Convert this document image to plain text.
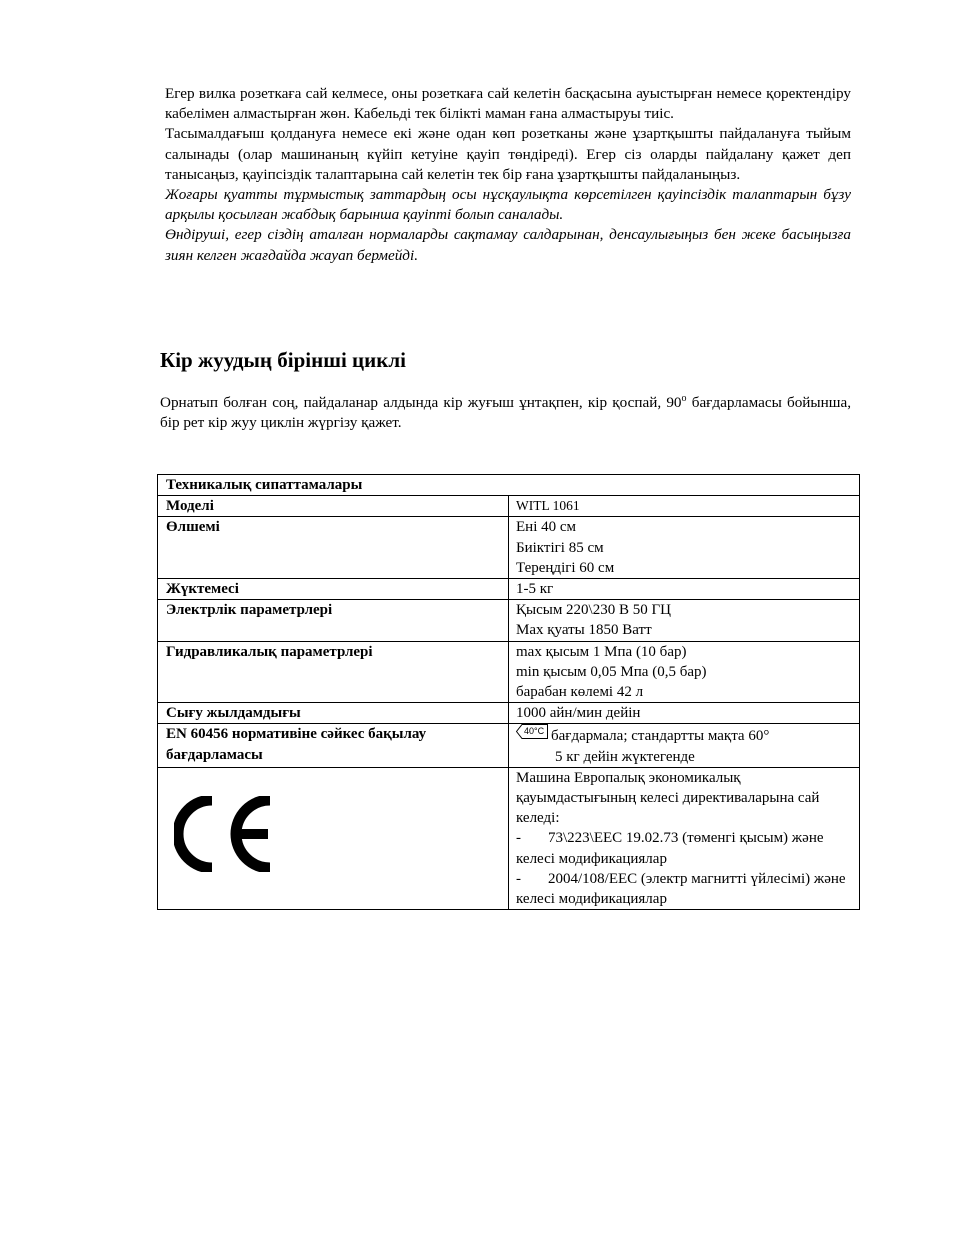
Егер вилка розеткаға сай келмесе, оны розеткаға сай келетін басқасына ауыстырған немесе қоректендіру кабелімен алмастырған жөн. Кабельді тек білікті маман ғана алмастыруы тиіс.

Тасымалдағыш қолдануға немесе екі және одан көп розетканы және ұзартқышты пайдалануға тыйым салынады (олар машинаның күйіп кетуіне қауіп төндіреді). Егер сіз оларды пайдалану қажет деп танысаңыз, қауіпсіздік талаптарына сай келетін тек бір ғана ұзартқышты пайдаланыңыз.

Жоғары қуатты тұрмыстық заттардың осы нұсқаулықта көрсетілген қауіпсіздік талаптарын бұзу арқылы қосылған жабдық барынша қауіпті болып саналады.

Өндіруші, егер сіздің аталған нормаларды сақтамау салдарынан, денсаулығыңыз бен жеке басыңызға зиян келген жағдайда жауап бермейді.

Кір жуудың бірінші циклі

Орнатып болған соң, пайдаланар алдында кір жуғыш ұнтақпен, кір қоспай, $90^о$ бағдарламасы бойынша, бір рет кір жуу циклін жүргізу қажет.

Техникалық сипаттамалары	
Моделі	WITL 1061
Өлшемі	Ені 40 см
Биіктігі 85 см
Тереңдігі 60 см

Жүктемесі	1-5 кг
Электрлік параметрлері	Қысым 220\230 В 50 ГЦ
Max қуаты 1850 Ватт

Гидравликалық параметрлері	max қысым 1 Мпа (10 бар)
min қысым 0,05 Мпа (0,5 бар)
барабан көлемі 42 л

Сығу жылдамдығы	1000 айн/мин дейін
EN 60456 нормативіне сәйкес бақылау бағдарламасы	40°C бағдармала; стандартты мақта 60°
5 кг дейін жүктегенде

Машина Европалық экономикалық қауымдастығының келесі директиваларына сай келеді:
- 73\223\EEC 19.02.73 (төменгі қысым) және келесі модификациялар
- 2004/108/EEC (электр магнитті үйлесімі) және келесі модификациялар
